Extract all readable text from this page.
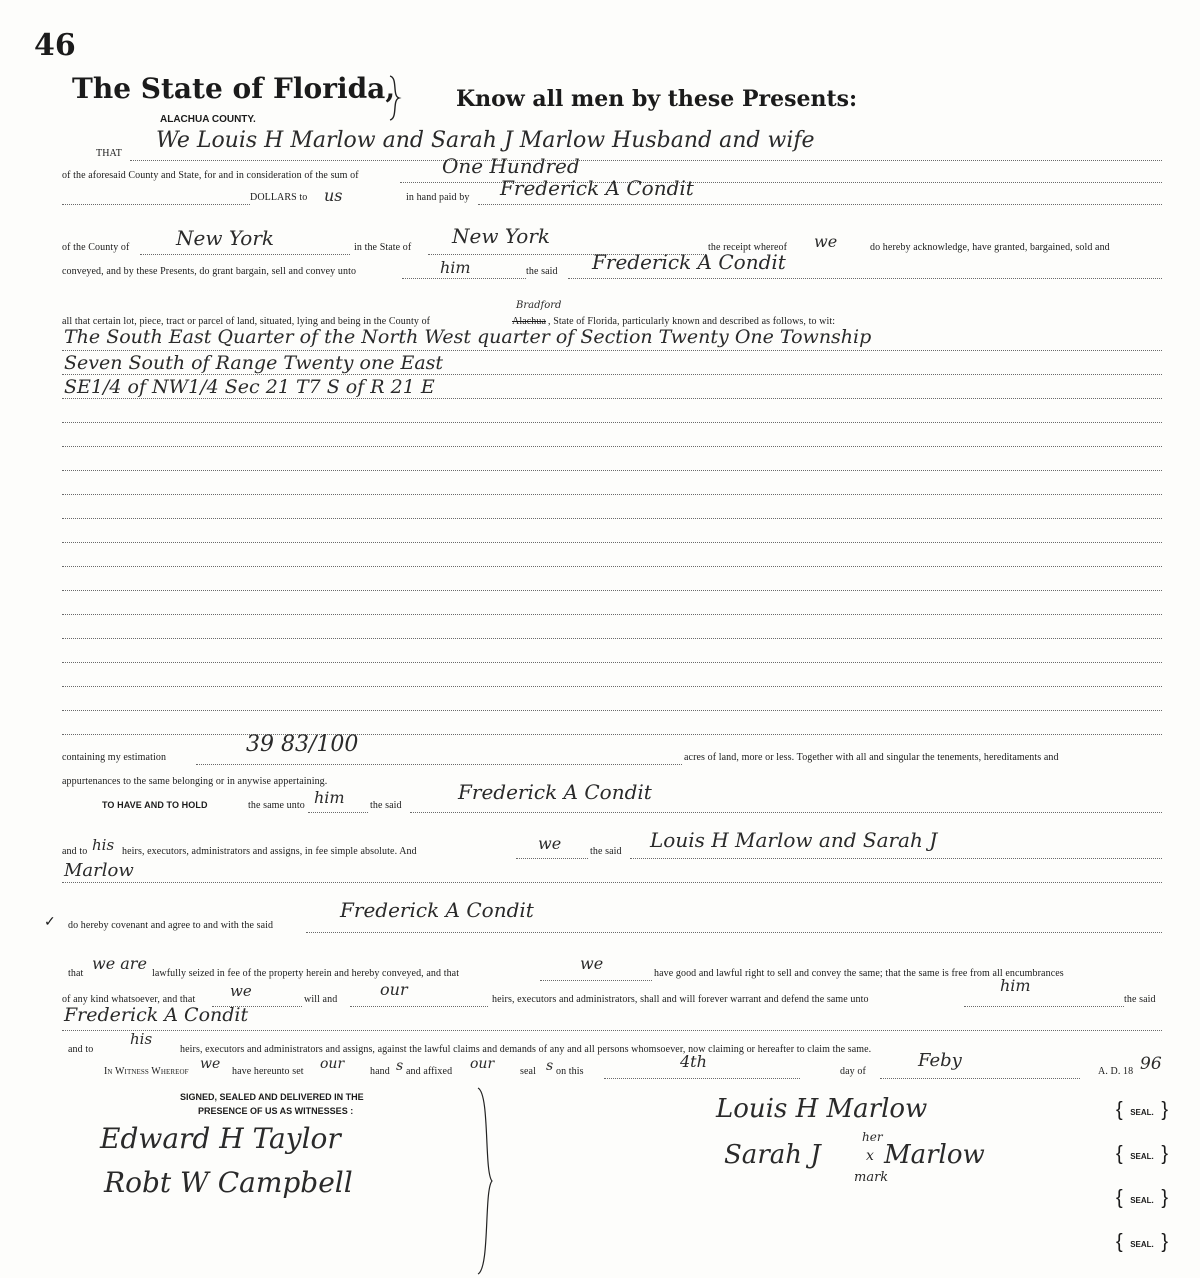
46
The State of Florida,
ALACHUA COUNTY.
Know all men by these Presents:
THAT
We Louis H Marlow and Sarah J Marlow Husband and wife
of the aforesaid County and State, for and in consideration of the sum of	One Hundred
DOLLARS to us	in hand paid by Frederick A Condit
of the County of New York	in the State of New York	the receipt whereof we	do hereby acknowledge, have granted, bargained, sold and
conveyed, and by these Presents, do grant bargain, sell and convey unto	him	the said Frederick A Condit
all that certain lot, piece, tract or parcel of land, situated, lying and being in the County of	Alachua
Bradford
, State of Florida, particularly known and described as follows, to wit:
The South East Quarter of the North West quarter of Section Twenty One Township
Seven South of Range Twenty one East
SE1/4 of NW1/4 Sec 21 T7 S of R 21 E
containing my estimation
39 83/100
acres of land, more or less. Together with all and singular the tenements, hereditaments and
appurtenances to the same belonging or in anywise appertaining.
TO HAVE AND TO HOLD	the same unto him	the said
Frederick A Condit
and to his heirs, executors, administrators and assigns, in fee simple absolute. And	we	the said Louis H Marlow and Sarah J
Marlow
✓ do hereby covenant and agree to and with the said
Frederick A Condit
that
we are
lawfully seized in fee of the property herein and hereby conveyed, and that
we
have good and lawful right to sell and convey the same; that the same is free from all encumbrances
of any kind whatsoever, and that we	will and
our
heirs, executors and administrators, shall and will forever warrant and defend the same unto
him
the said
Frederick A Condit
and to
his
heirs, executors and administrators and assigns, against the lawful claims and demands of any and all persons whomsoever, now claiming or hereafter to claim the same.
In Witness Whereof we have hereunto set our	hand s and affixed our	seal s on this
4th
day of
Feby
A. D. 18 96
SIGNED, SEALED AND DELIVERED IN THE
PRESENCE OF US AS WITNESSES :
Edward H Taylor
Robt W Campbell
Louis H Marlow
Sarah J
her
x Marlow
mark
{ SEAL. }
{ SEAL. }
{ SEAL. }
{ SEAL. }
